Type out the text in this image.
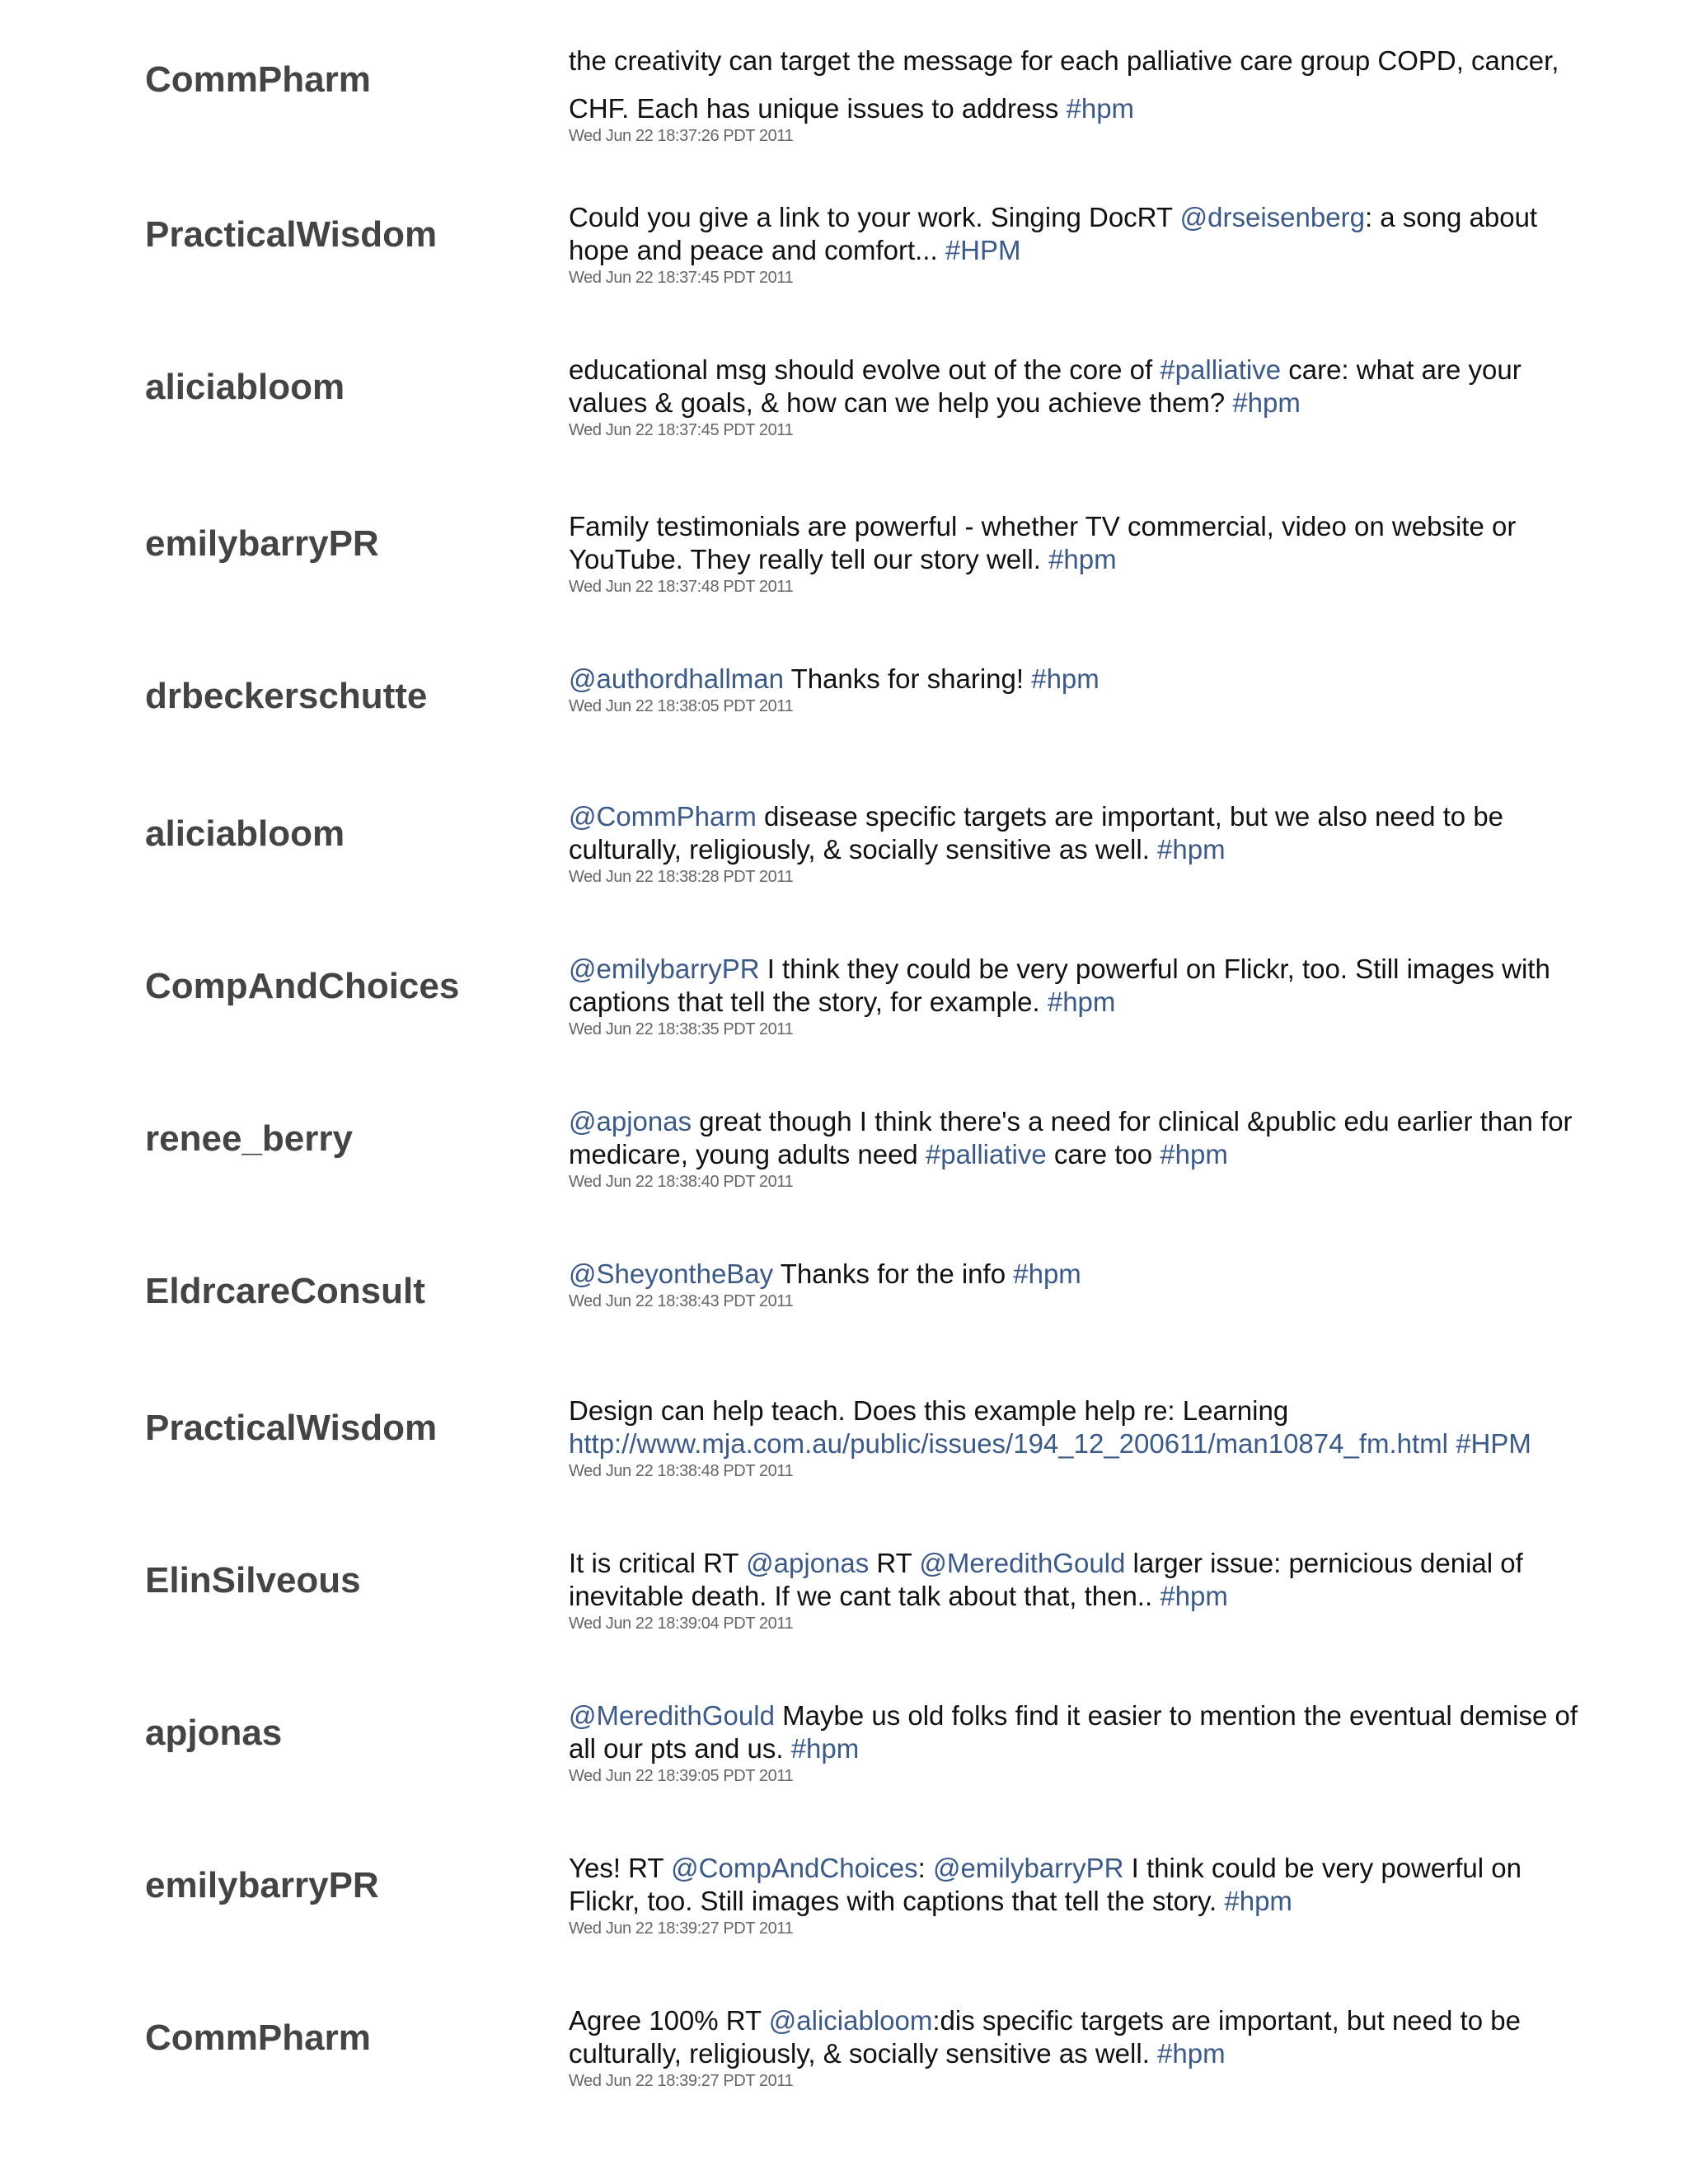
CommPharm	the creativity can target the message for each palliative care group COPD, cancer,
CHF. Each has unique issues to address #hpm
Wed Jun 22 18:37:26 PDT 2011
PracticalWisdom	Could you give a link to your work. Singing DocRT @drseisenberg: a song about hope and peace and comfort... #HPM
Wed Jun 22 18:37:45 PDT 2011
aliciabloom	educational msg should evolve out of the core of #palliative care: what are your values & goals, & how can we help you achieve them? #hpm
Wed Jun 22 18:37:45 PDT 2011
emilybarryPR	Family testimonials are powerful - whether TV commercial, video on website or YouTube. They really tell our story well. #hpm
Wed Jun 22 18:37:48 PDT 2011
drbeckerschutte	@authordhallman Thanks for sharing! #hpm
Wed Jun 22 18:38:05 PDT 2011
aliciabloom	@CommPharm disease specific targets are important, but we also need to be culturally, religiously, & socially sensitive as well. #hpm
Wed Jun 22 18:38:28 PDT 2011
CompAndChoices	@emilybarryPR I think they could be very powerful on Flickr, too. Still images with captions that tell the story, for example. #hpm
Wed Jun 22 18:38:35 PDT 2011
renee_berry	@apjonas great though I think there's a need for clinical &public edu earlier than for medicare, young adults need #palliative care too #hpm
Wed Jun 22 18:38:40 PDT 2011
EldrcareConsult	@SheyontheBay Thanks for the info #hpm
Wed Jun 22 18:38:43 PDT 2011
PracticalWisdom	Design can help teach. Does this example help re: Learning http://www.mja.com.au/public/issues/194_12_200611/man10874_fm.html #HPM
Wed Jun 22 18:38:48 PDT 2011
ElinSilveous	It is critical RT @apjonas RT @MeredithGould larger issue: pernicious denial of inevitable death. If we cant talk about that, then.. #hpm
Wed Jun 22 18:39:04 PDT 2011
apjonas	@MeredithGould Maybe us old folks find it easier to mention the eventual demise of all our pts and us. #hpm
Wed Jun 22 18:39:05 PDT 2011
emilybarryPR	Yes! RT @CompAndChoices: @emilybarryPR I think could be very powerful on Flickr, too. Still images with captions that tell the story. #hpm
Wed Jun 22 18:39:27 PDT 2011
CommPharm	Agree 100% RT @aliciabloom:dis specific targets are important, but need to be culturally, religiously, & socially sensitive as well. #hpm
Wed Jun 22 18:39:27 PDT 2011
